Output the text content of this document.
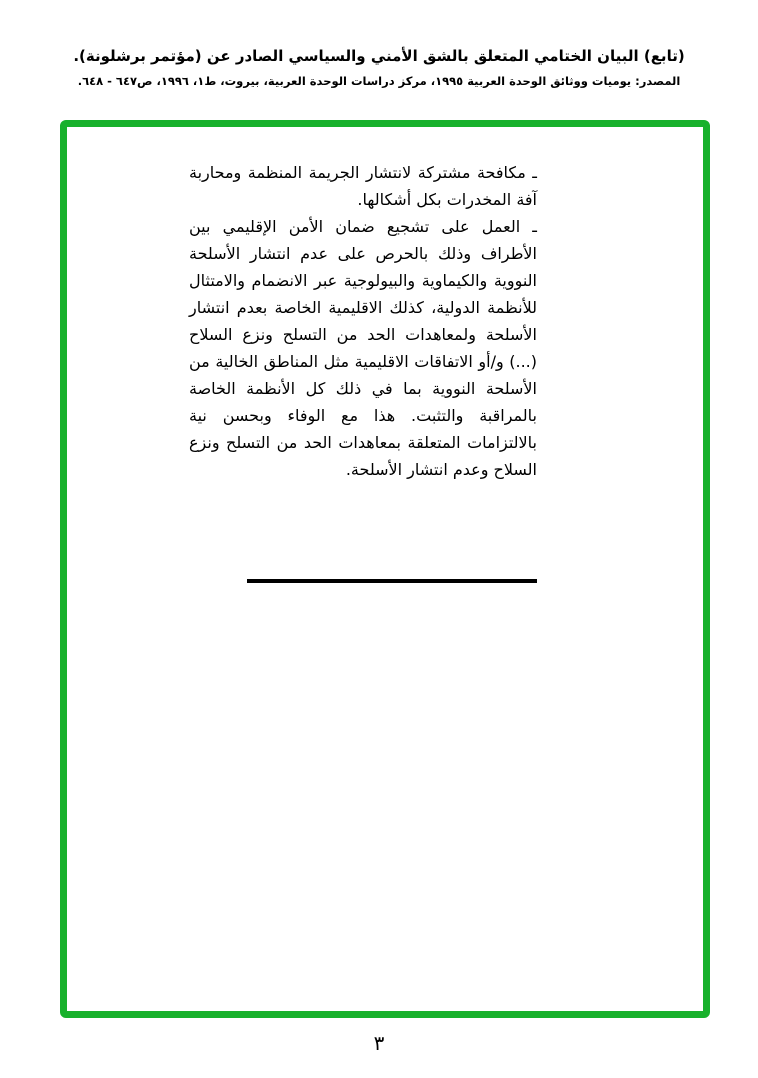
(تابع) البيان الختامي المتعلق بالشق الأمني والسياسي الصادر عن (مؤتمر برشلونة).
المصدر: يوميات ووثائق الوحدة العربية ١٩٩٥، مركز دراسات الوحدة العربية، بيروت، ط١، ١٩٩٦، ص٦٤٧ - ٦٤٨.

ـ مكافحة مشتركة لانتشار الجريمة المنظمة ومحاربة آفة المخدرات بكل أشكالها.

ـ العمل على تشجيع ضمان الأمن الإقليمي بين الأطراف وذلك بالحرص على عدم انتشار الأسلحة النووية والكيماوية والبيولوجية عبر الانضمام والامتثال للأنظمة الدولية، كذلك الاقليمية الخاصة بعدم انتشار الأسلحة ولمعاهدات الحد من التسلح ونزع السلاح (...) و/أو الاتفاقات الاقليمية مثل المناطق الخالية من الأسلحة النووية بما في ذلك كل الأنظمة الخاصة بالمراقبة والتثبت. هذا مع الوفاء وبحسن نية بالالتزامات المتعلقة بمعاهدات الحد من التسلح ونزع السلاح وعدم انتشار الأسلحة.

٣
